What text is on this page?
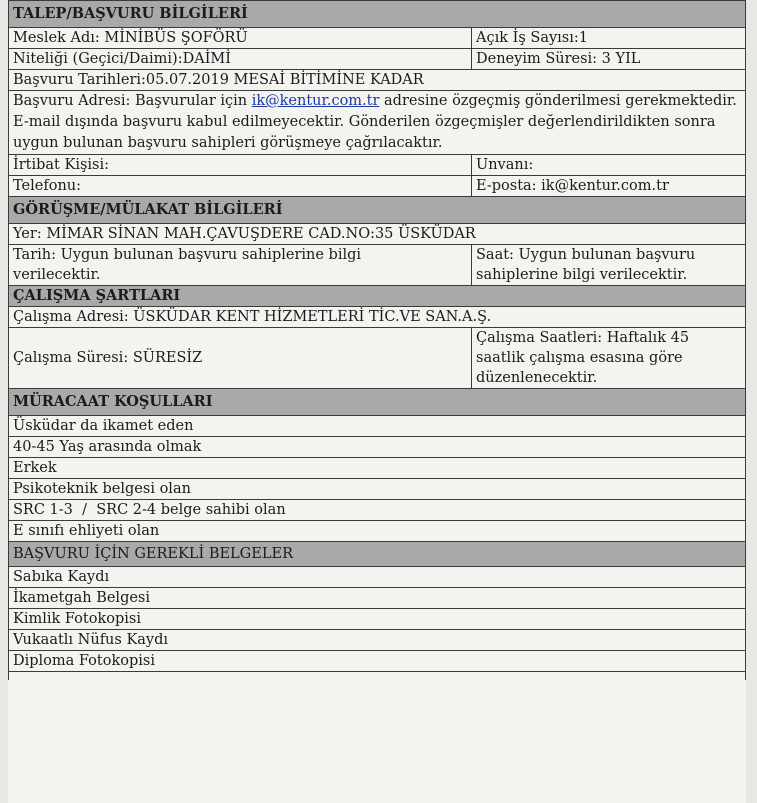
TALEP/BAŞVURU BİLGİLERİ	
Meslek Adı: MİNİBÜS ŞOFÖRÜ	Açık İş Sayısı:1
Niteliği (Geçici/Daimi):DAİMİ	Deneyim Süresi: 3 YIL
Başvuru Tarihleri:05.07.2019 MESAİ BİTİMİNE KADAR	
Başvuru Adresi: Başvurular için ik@kentur.com.tr adresine özgeçmiş gönderilmesi gerekmektedir. E-mail dışında başvuru kabul edilmeyecektir. Gönderilen özgeçmişler değerlendirildikten sonra uygun bulunan başvuru sahipleri görüşmeye çağrılacaktır.	
İrtibat Kişisi:	Unvanı:
Telefonu:	E-posta: ik@kentur.com.tr
GÖRÜŞME/MÜLAKAT BİLGİLERİ	
Yer: MİMAR SİNAN MAH.ÇAVUŞDERE CAD.NO:35 ÜSKÜDAR	
Tarih: Uygun bulunan başvuru sahiplerine bilgi verilecektir.	Saat: Uygun bulunan başvuru sahiplerine bilgi verilecektir.
ÇALIŞMA ŞARTLARI	
Çalışma Adresi: ÜSKÜDAR KENT HİZMETLERİ TİC.VE SAN.A.Ş.	
Çalışma Süresi: SÜRESİZ	Çalışma Saatleri: Haftalık 45 saatlik çalışma esasına göre düzenlenecektir.
MÜRACAAT KOŞULLARI	
Üsküdar da ikamet eden	
40-45 Yaş arasında olmak	
Erkek	
Psikoteknik belgesi olan	
SRC 1-3  /  SRC 2-4 belge sahibi olan	
E sınıfı ehliyeti olan	
BAŞVURU İÇİN GEREKLİ BELGELER	
Sabıka Kaydı	
İkametgah Belgesi	
Kimlik Fotokopisi	
Vukaatlı Nüfus Kaydı	
Diploma Fotokopisi	
